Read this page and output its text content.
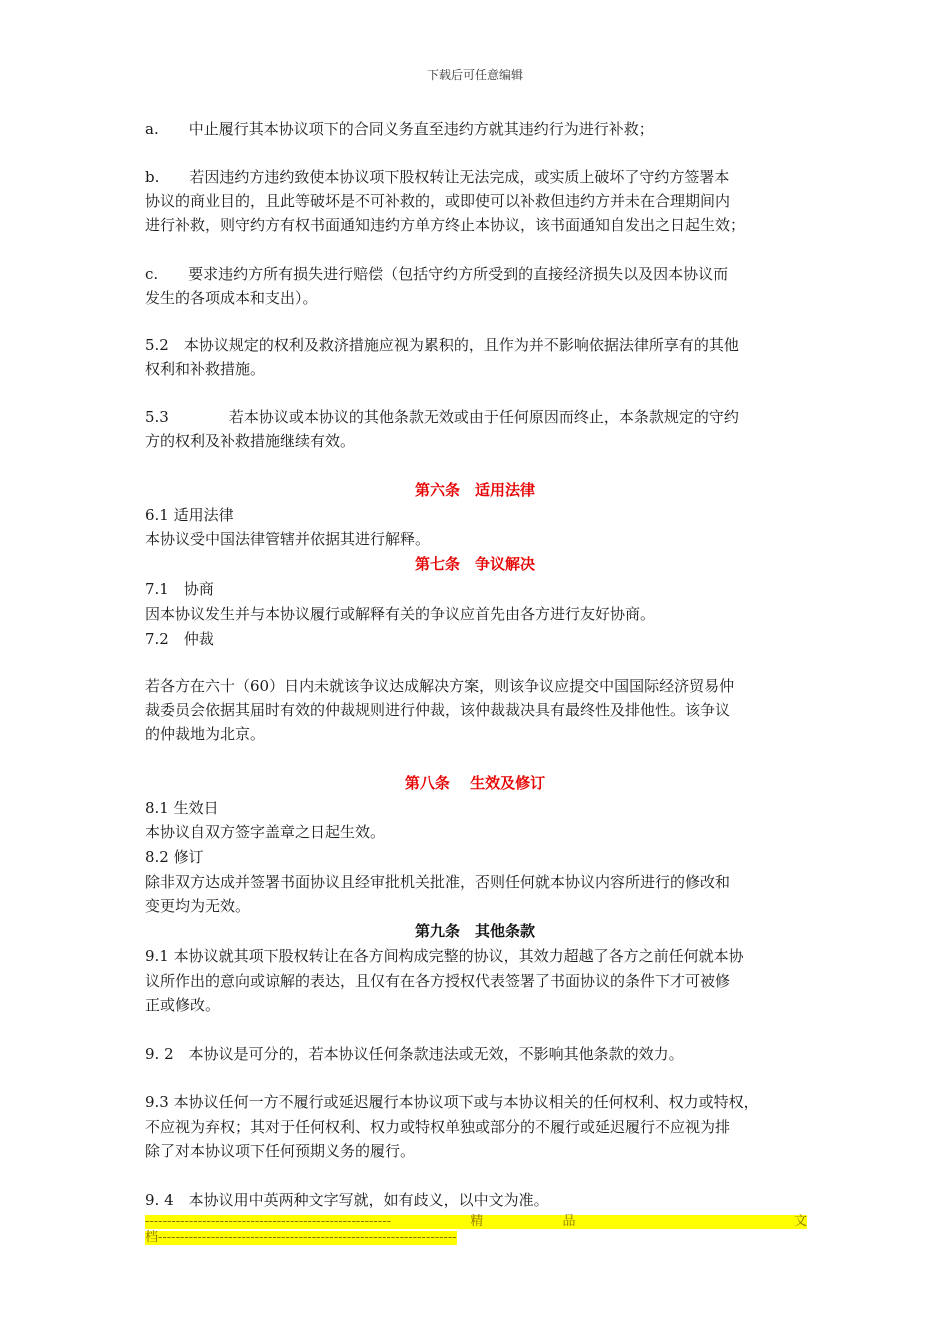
下载后可任意编辑
a.　　中止履行其本协议项下的合同义务直至违约方就其违约行为进行补救；
b.　　若因违约方违约致使本协议项下股权转让无法完成，或实质上破坏了守约方签署本
协议的商业目的，且此等破坏是不可补救的，或即使可以补救但违约方并未在合理期间内
进行补救，则守约方有权书面通知违约方单方终止本协议，该书面通知自发出之日起生效；
c.　　要求违约方所有损失进行赔偿（包括守约方所受到的直接经济损失以及因本协议而
发生的各项成本和支出）。
5.2　本协议规定的权利及救济措施应视为累积的，且作为并不影响依据法律所享有的其他
权利和补救措施。
5.3　　　　若本协议或本协议的其他条款无效或由于任何原因而终止，本条款规定的守约
方的权利及补救措施继续有效。
第六条　适用法律
6.1 适用法律
本协议受中国法律管辖并依据其进行解释。
第七条　争议解决
7.1　协商
因本协议发生并与本协议履行或解释有关的争议应首先由各方进行友好协商。
7.2　仲裁
若各方在六十（60）日内未就该争议达成解决方案，则该争议应提交中国国际经济贸易仲
裁委员会依据其届时有效的仲裁规则进行仲裁，该仲裁裁决具有最终性及排他性。该争议
的仲裁地为北京。
第八条　 生效及修订
8.1 生效日
本协议自双方签字盖章之日起生效。
8.2 修订
除非双方达成并签署书面协议且经审批机关批准，否则任何就本协议内容所进行的修改和
变更均为无效。
第九条　其他条款
9.1 本协议就其项下股权转让在各方间构成完整的协议，其效力超越了各方之前任何就本协
议所作出的意向或谅解的表达，且仅有在各方授权代表签署了书面协议的条件下才可被修
正或修改。
9. 2　本协议是可分的，若本协议任何条款违法或无效，不影响其他条款的效力。
9.3 本协议任何一方不履行或延迟履行本协议项下或与本协议相关的任何权利、权力或特权，
不应视为弃权；其对于任何权利、权力或特权单独或部分的不履行或延迟履行不应视为排
除了对本协议项下任何预期义务的履行。
9. 4　本协议用中英两种文字写就，如有歧义，以中文为准。
--------------------------------------------------------	精	品	文
档--------------------------------------------------------------------
